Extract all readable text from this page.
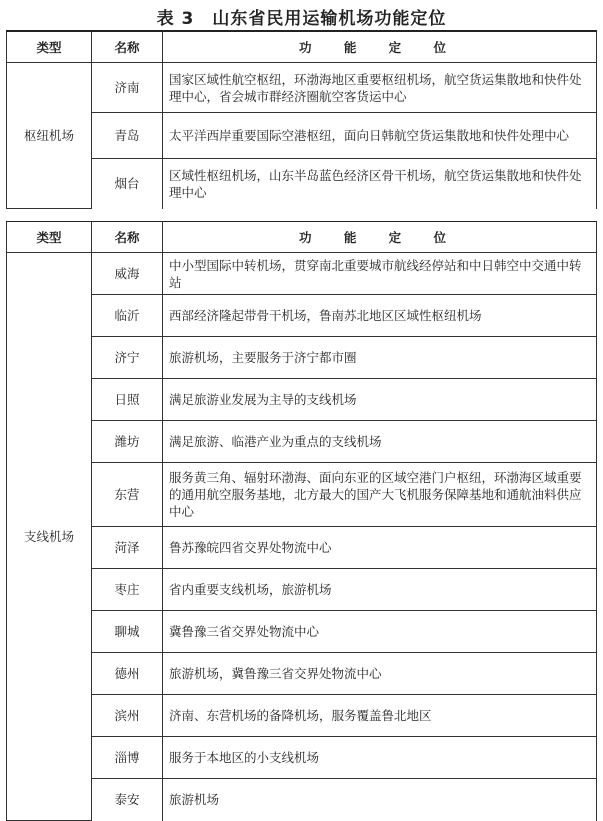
表 3　山东省民用运输机场功能定位
类型	名称	功 能 定 位
枢纽机场	济南	国家区域性航空枢纽，环渤海地区重要枢纽机场，航空货运集散地和快件处理中心，省会城市群经济圈航空客货运中心
	青岛	太平洋西岸重要国际空港枢纽，面向日韩航空货运集散地和快件处理中心
	烟台	区域性枢纽机场，山东半岛蓝色经济区骨干机场，航空货运集散地和快件处理中心
类型	名称	功 能 定 位
支线机场	威海	中小型国际中转机场，贯穿南北重要城市航线经停站和中日韩空中交通中转站
	临沂	西部经济隆起带骨干机场，鲁南苏北地区区域性枢纽机场
	济宁	旅游机场，主要服务于济宁都市圈
	日照	满足旅游业发展为主导的支线机场
	潍坊	满足旅游、临港产业为重点的支线机场
	东营	服务黄三角、辐射环渤海、面向东亚的区域空港门户枢纽，环渤海区域重要的通用航空服务基地，北方最大的国产大飞机服务保障基地和通航油料供应中心
	菏泽	鲁苏豫皖四省交界处物流中心
	枣庄	省内重要支线机场，旅游机场
	聊城	冀鲁豫三省交界处物流中心
	德州	旅游机场，冀鲁豫三省交界处物流中心
	滨州	济南、东营机场的备降机场，服务覆盖鲁北地区
	淄博	服务于本地区的小支线机场
	泰安	旅游机场
